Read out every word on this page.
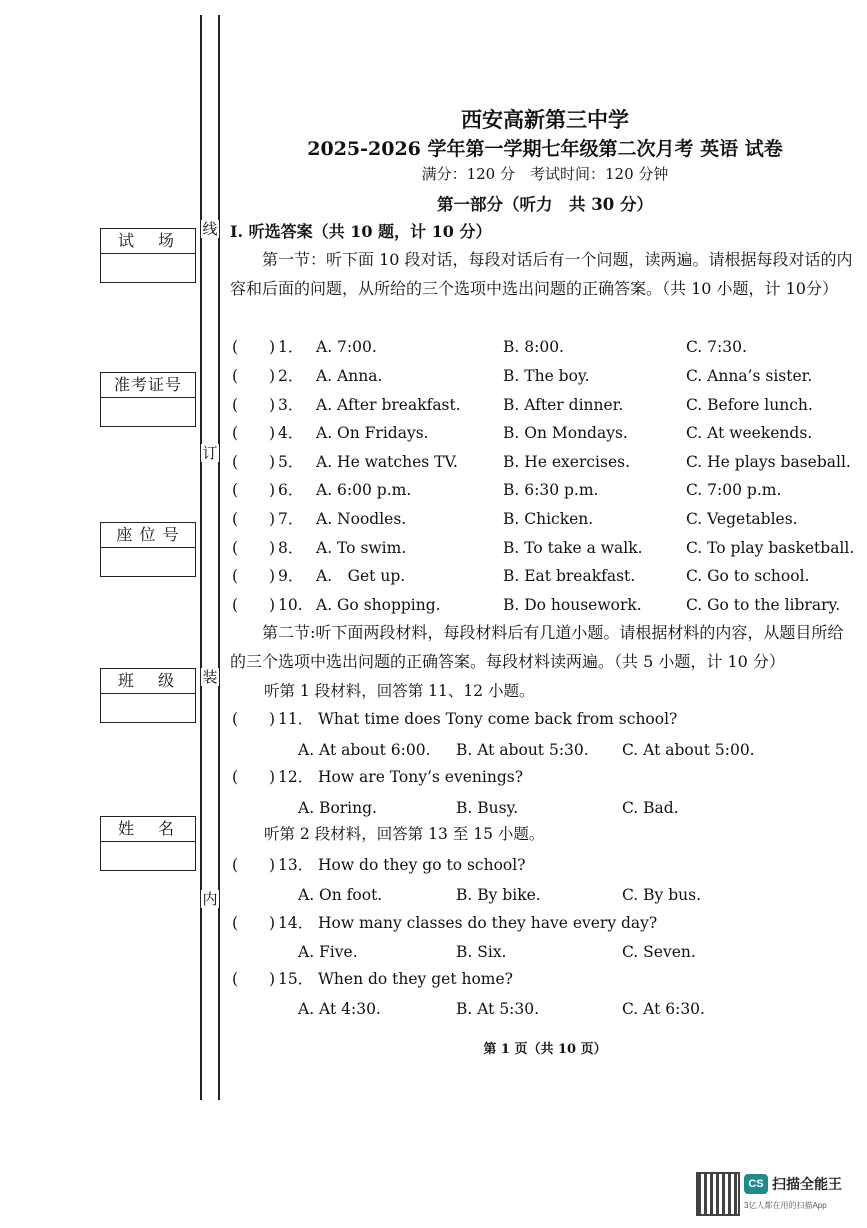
试　场
准考证号
座 位 号
班　级
姓　名
线
订
装
内
西安高新第三中学
2025-2026 学年第一学期七年级第二次月考 英语 试卷
满分：120 分　考试时间：120 分钟
第一部分（听力　共 30 分）
I. 听选答案（共 10 题，计 10 分）
第一节：听下面 10 段对话，每段对话后有一个问题，读两遍。请根据每段对话的内容和后面的问题，从所给的三个选项中选出问题的正确答案。（共 10 小题，计 10分）
(　　) 1． A. 7:00.	B. 8:00.	C. 7:30.
(　　) 2． A. Anna.	B. The boy.	C. Anna’s sister.
(　　) 3． A. After breakfast.	B. After dinner.	C. Before lunch.
(　　) 4． A. On Fridays.	B. On Mondays.	C. At weekends.
(　　) 5． A. He watches TV.	B. He exercises.	C. He plays baseball.
(　　) 6． A. 6:00 p.m.	B. 6:30 p.m.	C. 7:00 p.m.
(　　) 7． A. Noodles.	B. Chicken.	C. Vegetables.
(　　) 8． A. To swim.	B. To take a walk.	C. To play basketball.
(　　) 9． A.　Get up.	B. Eat breakfast.	C. Go to school.
(　　) 10. A. Go shopping.	B. Do housework.	C. Go to the library.
第二节:听下面两段材料，每段材料后有几道小题。请根据材料的内容，从题目所给的三个选项中选出问题的正确答案。每段材料读两遍。（共 5 小题，计 10 分）
听第 1 段材料，回答第 11、12 小题。
(　　) 11． What time does Tony come back from school?
A. At about 6:00. B. At about 5:30. C. At about 5:00.
(　　) 12． How are Tony’s evenings?
A. Boring.	B. Busy.	C. Bad.
(　　) 13． How do they go to school?
A. On foot.	B. By bike.	C. By bus.
(　　) 14． How many classes do they have every day?
A. Five.	B. Six.	C. Seven.
(　　) 15． When do they get home?
A. At 4:30.	B. At 5:30.	C. At 6:30.
听第 2 段材料，回答第 13 至 15 小题。
第 1 页（共 10 页）
CS 扫描全能王
3亿人都在用的扫描App
